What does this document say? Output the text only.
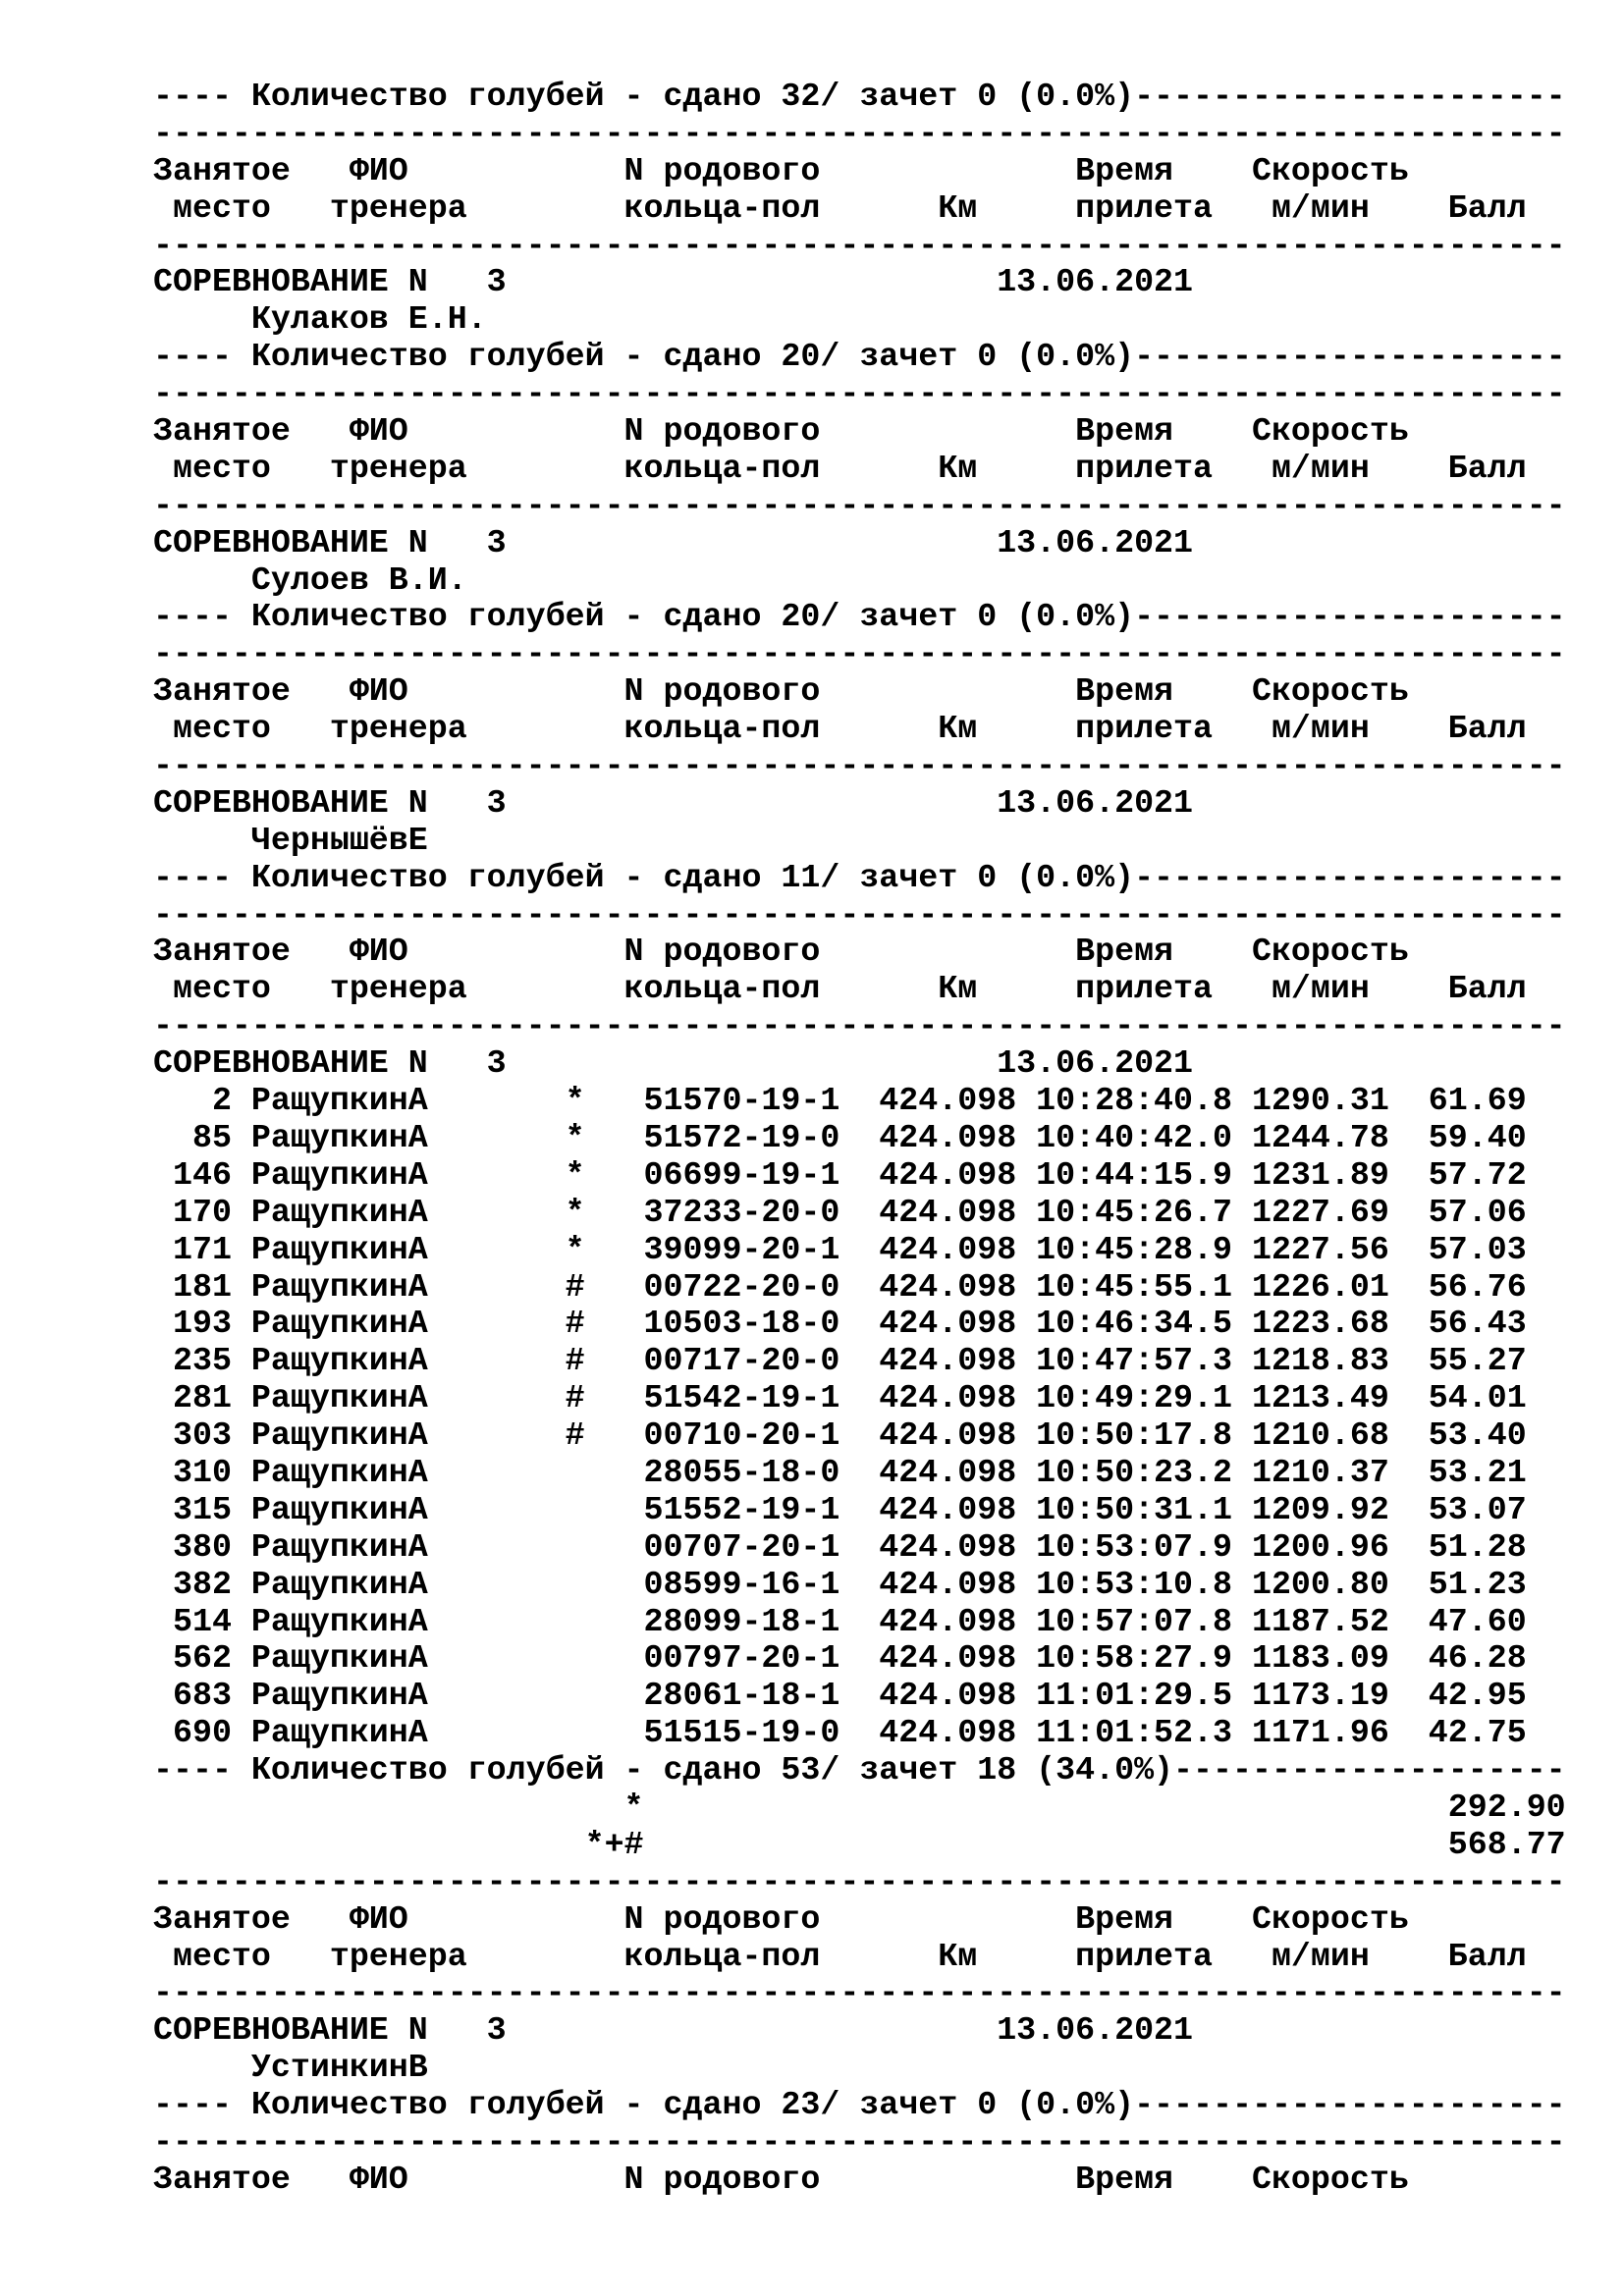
---- Количество голубей - сдано 32/ зачет 0 (0.0%)----------------------
------------------------------------------------------------------------
Занятое   ФИО           N родового             Время    Скорость
место   тренера        кольца-пол      Км     прилета   м/мин    Балл
------------------------------------------------------------------------
СОРЕВНОВАНИЕ N   3                         13.06.2021
Кулаков Е.Н.
---- Количество голубей - сдано 20/ зачет 0 (0.0%)----------------------
------------------------------------------------------------------------
Занятое   ФИО           N родового             Время    Скорость
место   тренера        кольца-пол      Км     прилета   м/мин    Балл
------------------------------------------------------------------------
СОРЕВНОВАНИЕ N   3                         13.06.2021
Сулоев В.И.
---- Количество голубей - сдано 20/ зачет 0 (0.0%)----------------------
------------------------------------------------------------------------
Занятое   ФИО           N родового             Время    Скорость
место   тренера        кольца-пол      Км     прилета   м/мин    Балл
------------------------------------------------------------------------
СОРЕВНОВАНИЕ N   3                         13.06.2021
ЧернышёвЕ
---- Количество голубей - сдано 11/ зачет 0 (0.0%)----------------------
------------------------------------------------------------------------
Занятое   ФИО           N родового             Время    Скорость
место   тренера        кольца-пол      Км     прилета   м/мин    Балл
------------------------------------------------------------------------
СОРЕВНОВАНИЕ N   3                         13.06.2021
2 РащупкинА       *   51570-19-1  424.098 10:28:40.8 1290.31  61.69
85 РащупкинА       *   51572-19-0  424.098 10:40:42.0 1244.78  59.40
146 РащупкинА       *   06699-19-1  424.098 10:44:15.9 1231.89  57.72
170 РащупкинА       *   37233-20-0  424.098 10:45:26.7 1227.69  57.06
171 РащупкинА       *   39099-20-1  424.098 10:45:28.9 1227.56  57.03
181 РащупкинА       #   00722-20-0  424.098 10:45:55.1 1226.01  56.76
193 РащупкинА       #   10503-18-0  424.098 10:46:34.5 1223.68  56.43
235 РащупкинА       #   00717-20-0  424.098 10:47:57.3 1218.83  55.27
281 РащупкинА       #   51542-19-1  424.098 10:49:29.1 1213.49  54.01
303 РащупкинА       #   00710-20-1  424.098 10:50:17.8 1210.68  53.40
310 РащупкинА           28055-18-0  424.098 10:50:23.2 1210.37  53.21
315 РащупкинА           51552-19-1  424.098 10:50:31.1 1209.92  53.07
380 РащупкинА           00707-20-1  424.098 10:53:07.9 1200.96  51.28
382 РащупкинА           08599-16-1  424.098 10:53:10.8 1200.80  51.23
514 РащупкинА           28099-18-1  424.098 10:57:07.8 1187.52  47.60
562 РащупкинА           00797-20-1  424.098 10:58:27.9 1183.09  46.28
683 РащупкинА           28061-18-1  424.098 11:01:29.5 1173.19  42.95
690 РащупкинА           51515-19-0  424.098 11:01:52.3 1171.96  42.75
---- Количество голубей - сдано 53/ зачет 18 (34.0%)--------------------
*                                         292.90
*+#                                         568.77
------------------------------------------------------------------------
Занятое   ФИО           N родового             Время    Скорость
место   тренера        кольца-пол      Км     прилета   м/мин    Балл
------------------------------------------------------------------------
СОРЕВНОВАНИЕ N   3                         13.06.2021
УстинкинВ
---- Количество голубей - сдано 23/ зачет 0 (0.0%)----------------------
------------------------------------------------------------------------
Занятое   ФИО           N родового             Время    Скорость
